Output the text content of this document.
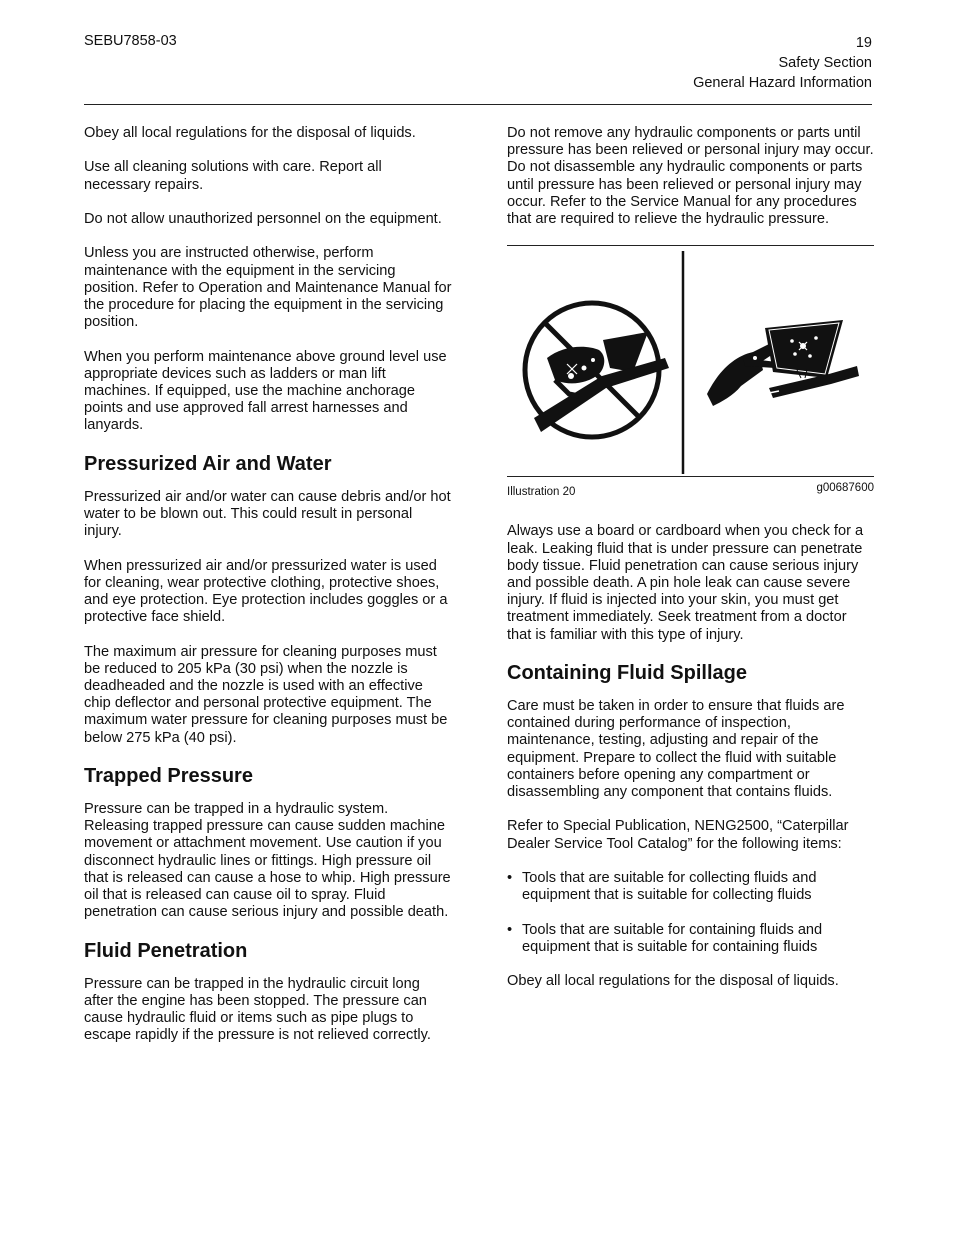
SEBU7858-03	19
Safety Section
General Hazard Information

Obey all local regulations for the disposal of liquids.

Use all cleaning solutions with care. Report all necessary repairs.

Do not allow unauthorized personnel on the equipment.

Unless you are instructed otherwise, perform maintenance with the equipment in the servicing position. Refer to Operation and Maintenance Manual for the procedure for placing the equipment in the servicing position.

When you perform maintenance above ground level use appropriate devices such as ladders or man lift machines. If equipped, use the machine anchorage points and use approved fall arrest harnesses and lanyards.

Pressurized Air and Water

Pressurized air and/or water can cause debris and/or hot water to be blown out. This could result in personal injury.

When pressurized air and/or pressurized water is used for cleaning, wear protective clothing, protective shoes, and eye protection. Eye protection includes goggles or a protective face shield.

The maximum air pressure for cleaning purposes must be reduced to 205 kPa (30 psi) when the nozzle is deadheaded and the nozzle is used with an effective chip deflector and personal protective equipment. The maximum water pressure for cleaning purposes must be below 275 kPa (40 psi).

Trapped Pressure

Pressure can be trapped in a hydraulic system. Releasing trapped pressure can cause sudden machine movement or attachment movement. Use caution if you disconnect hydraulic lines or fittings. High pressure oil that is released can cause a hose to whip. High pressure oil that is released can cause oil to spray. Fluid penetration can cause serious injury and possible death.

Fluid Penetration

Pressure can be trapped in the hydraulic circuit long after the engine has been stopped. The pressure can cause hydraulic fluid or items such as pipe plugs to escape rapidly if the pressure is not relieved correctly.

Do not remove any hydraulic components or parts until pressure has been relieved or personal injury may occur. Do not disassemble any hydraulic components or parts until pressure has been relieved or personal injury may occur. Refer to the Service Manual for any procedures that are required to relieve the hydraulic pressure.

Illustration 20	g00687600

Always use a board or cardboard when you check for a leak. Leaking fluid that is under pressure can penetrate body tissue. Fluid penetration can cause serious injury and possible death. A pin hole leak can cause severe injury. If fluid is injected into your skin, you must get treatment immediately. Seek treatment from a doctor that is familiar with this type of injury.

Containing Fluid Spillage

Care must be taken in order to ensure that fluids are contained during performance of inspection, maintenance, testing, adjusting and repair of the equipment. Prepare to collect the fluid with suitable containers before opening any compartment or disassembling any component that contains fluids.

Refer to Special Publication, NENG2500, “Caterpillar Dealer Service Tool Catalog” for the following items:

• Tools that are suitable for collecting fluids and equipment that is suitable for collecting fluids
• Tools that are suitable for containing fluids and equipment that is suitable for containing fluids

Obey all local regulations for the disposal of liquids.
